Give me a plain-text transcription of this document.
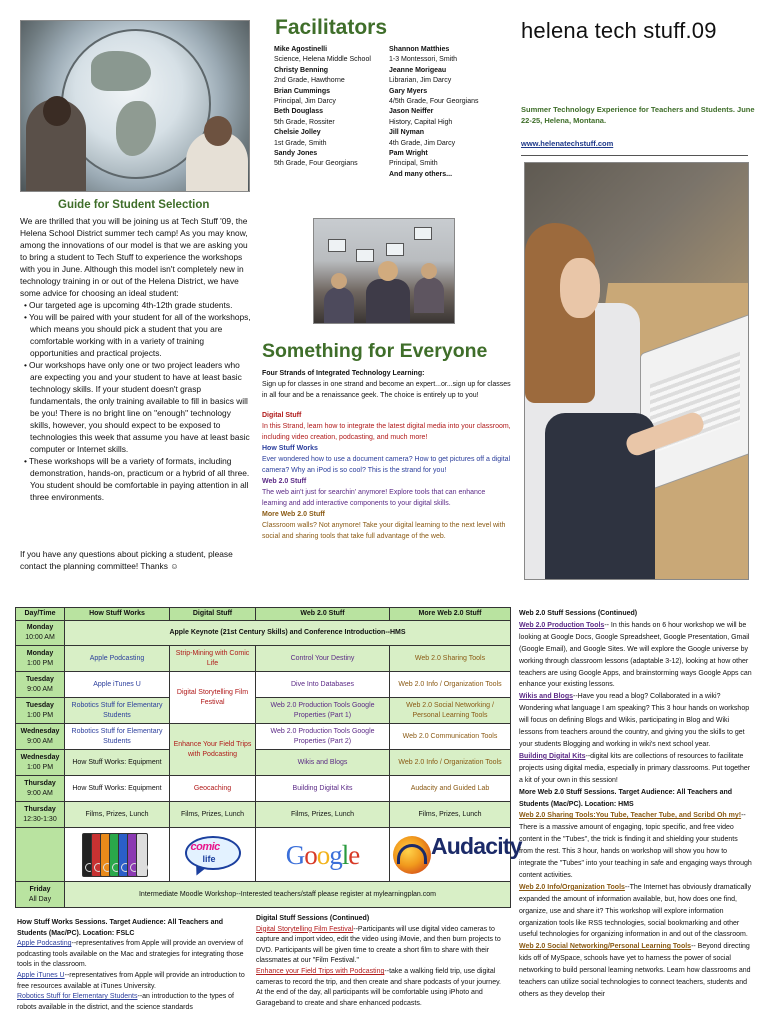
Facilitators
Mike Agostinelli
Science, Helena Middle School
Christy Benning
2nd Grade, Hawthorne
Brian Cummings
Principal, Jim Darcy
Beth Douglass
5th Grade, Rossiter
Chelsie Jolley
1st Grade, Smith
Sandy Jones
5th Grade, Four Georgians
Shannon Matthies
1-3 Montessori, Smith
Jeanne Morigeau
Librarian, Jim Darcy
Gary Myers
4/5th Grade, Four Georgians
Jason Neiffer
History, Capital High
Jill Nyman
4th Grade, Jim Darcy
Pam Wright
Principal, Smith
And many others...
helena tech stuff.09
Summer Technology Experience for Teachers and Students. June 22-25, Helena, Montana.
www.helenatechstuff.com
Guide for Student Selection

We are thrilled that you will be joining us at Tech Stuff '09, the Helena School District summer tech camp! As you may know, among the innovations of our model is that we are asking you to bring a student to Tech Stuff to experience the workshops with you in June. Although this model isn't completely new in technology training in or out of the Helena District, we have some advice for choosing an ideal student:

• Our targeted age is upcoming 4th-12th grade students.
• You will be paired with your student for all of the workshops, which means you should pick a student that you are comfortable working with in a variety of training opportunities and practical projects.
• Our workshops have only one or two project leaders who are expecting you and your student to have at least basic technology skills. If your student doesn't grasp fundamentals, the only training available to fill in basics will be you! There is no bright line on "enough" technology skills, however, you should expect to be exposed to technologies this week that assume you have at least basic computer or Internet skills.
• These workshops will be a variety of formats, including demonstration, hands-on, practicum or a hybrid of all three. You student should be comfortable in paying attention in all three environments.
If you have any questions about picking a student, please contact the planning committee! Thanks ☺
Something for Everyone
Four Strands of Integrated Technology Learning:
Sign up for classes in one strand and become an expert...or...sign up for classes in all four and be a renaissance geek. The choice is entirely up to you!
Digital Stuff
In this Strand, learn how to integrate the latest digital media into your classroom, including video creation, podcasting, and much more!
How Stuff Works
Ever wondered how to use a document camera? How to get pictures off a digital camera? Why an iPod is so cool? This is the strand for you!
Web 2.0 Stuff
The web ain't just for searchin' anymore! Explore tools that can enhance learning and add interactive components to your digital skills.
More Web 2.0 Stuff
Classroom walls? Not anymore! Take your digital learning to the next level with social and sharing tools that take full advantage of the web.
Day/Time	How Stuff Works	Digital Stuff	Web 2.0 Stuff	More Web 2.0 Stuff
Monday
10:00 AM	Apple Keynote (21st Century Skills) and Conference Introduction--HMS			
Monday
1:00 PM	Apple Podcasting	Strip-Mining with Comic Life	Control Your Destiny	Web 2.0 Sharing Tools
Tuesday
9:00 AM	Apple iTunes U	Digital Storytelling Film Festival	Dive Into Databases	Web 2.0 Info / Organization Tools
Tuesday
1:00 PM	Robotics Stuff for Elementary Students		Web 2.0 Production Tools Google Properties (Part 1)	Web 2.0 Social Networking / Personal Learning Tools
Wednesday
9:00 AM	Robotics Stuff for Elementary Students	Enhance Your Field Trips with Podcasting	Web 2.0 Production Tools Google Properties (Part 2)	Web 2.0 Communication Tools
Wednesday
1:00 PM	How Stuff Works: Equipment		Wikis and Blogs	Web 2.0 Info / Organization Tools
Thursday
9:00 AM	How Stuff Works: Equipment	Geocaching	Building Digital Kits	Audacity and Guided Lab
Thursday
12:30-1:30	Films, Prizes, Lunch	Films, Prizes, Lunch	Films, Prizes, Lunch	Films, Prizes, Lunch

		comic
life	Google	Audacity

Friday
All Day	Intermediate Moodle Workshop--Interested teachers/staff please register at mylearningplan.com			
How Stuff Works Sessions. Target Audience: All Teachers and Students (Mac/PC). Location: FSLC
Apple Podcasting--representatives from Apple will provide an overview of podcasting tools available on the Mac and strategies for integrating those tools in the classroom.
Apple iTunes U--representatives from Apple will provide an introduction to free resources available at iTunes University.
Robotics Stuff for Elementary Students--an introduction to the types of robots available in the district, and the science standards
Digital Stuff Sessions (Continued)
Digital Storytelling Film Festival--Participants will use digital video cameras to capture and import video, edit the video using iMovie, and then burn projects to DVD. Participants will be given time to create a short film to share with their classmates at our "Film Festival."
Enhance your Field Trips with Podcasting--take a walking field trip, use digital cameras to record the trip, and then create and share podcasts of your journey. At the end of the day, all participants will be comfortable using iPhoto and Garageband to create and share enhanced podcasts.
Web 2.0 Stuff Sessions (Continued)
Web 2.0 Production Tools-- In this hands on 6 hour workshop we will be looking at Google Docs, Google Spreadsheet, Google Presentation, Gmail (Google Email), and Google Sites. We will explore the Google universe by working through classroom lessons (adaptable 3-12), looking at how other teachers are using Google Apps, and brainstorming ways Google Apps can enhance your existing lessons.
Wikis and Blogs--Have you read a blog? Collaborated in a wiki? Wondering what language I am speaking? This 3 hour hands on workshop will focus on defining Blogs and Wikis, participating in Blog and Wiki lessons from teachers around the country, and giving you the skills to get your students Blogging and working in wiki's next school year.
Building Digital Kits--digital kits are collections of resources to facilitate projects using digital media, especially in primary classrooms. Put together a kit of your own in this session!
More Web 2.0 Stuff Sessions. Target Audience: All Teachers and Students (Mac/PC). Location: HMS
Web 2.0 Sharing Tools:You Tube, Teacher Tube, and Scribd Oh my!--There is a massive amount of engaging, topic specific, and free video content in the "Tubes", the trick is finding it and shielding your students from the rest. This 3 hour, hands on workshop will show you how to integrate the "Tubes" into your teaching in safe and engaging ways through content activities.
Web 2.0 Info/Organization Tools--The Internet has obviously dramatically expanded the amount of information available, but, how does one find, organize, use and share it? This workshop will explore information organization tools like RSS technologies, social bookmarking and other useful technologies for organizing information in and out of the classroom.
Web 2.0 Social Networking/Personal Learning Tools-- Beyond directing kids off of MySpace, schools have yet to harness the power of social networking to build personal learning networks. Learn how classrooms and teachers can utilize social technologies to connect teachers, students and others as they develop their
